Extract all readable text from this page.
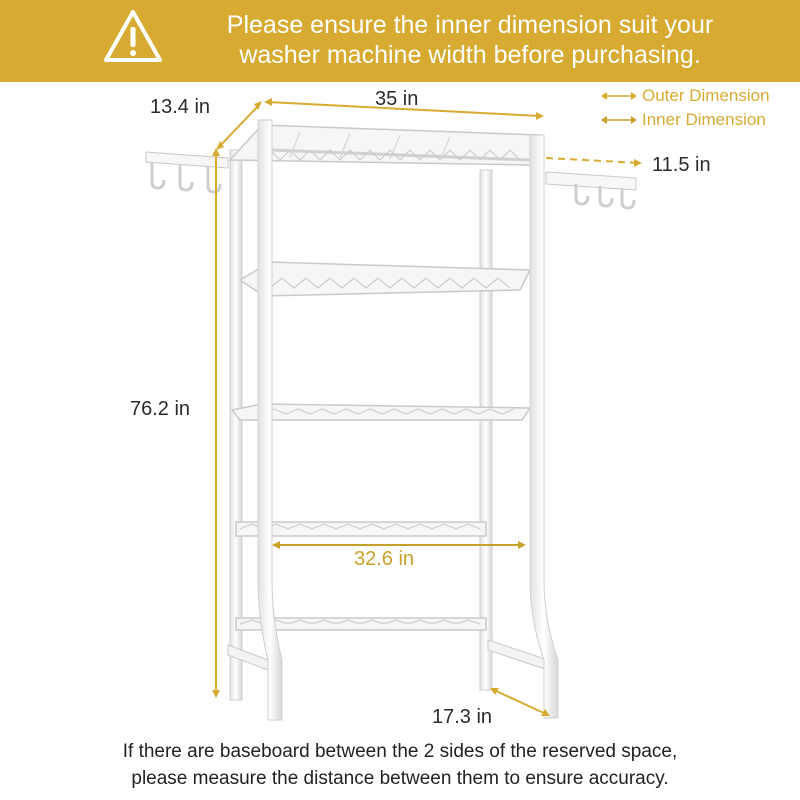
Please ensure the inner dimension suit your
washer machine width before purchasing.
Outer Dimension
Inner Dimension
13.4 in	35 in
11.5 in
76.2 in
32.6 in
17.3 in
If there are baseboard between the 2 sides of the reserved space,
please measure the distance between them to ensure accuracy.
